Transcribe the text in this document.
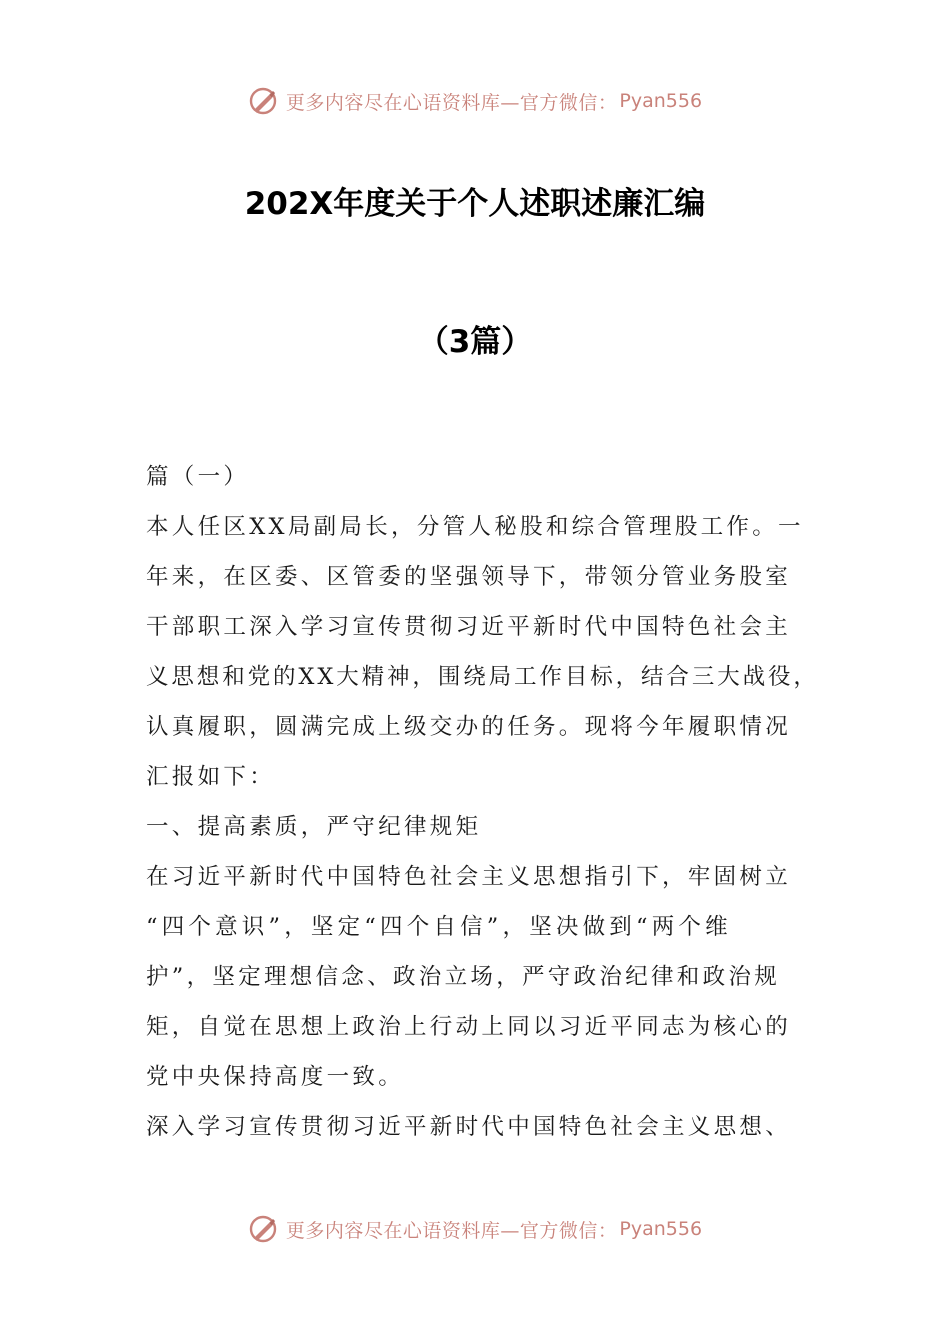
更多内容尽在心语资料库—官方微信： Pyan556
202X年度关于个人述职述廉汇编
（3篇）
篇（一）
本人任区XX局副局长，分管人秘股和综合管理股工作。一
年来，在区委、区管委的坚强领导下，带领分管业务股室
干部职工深入学习宣传贯彻习近平新时代中国特色社会主
义思想和党的XX大精神，围绕局工作目标，结合三大战役，
认真履职，圆满完成上级交办的任务。现将今年履职情况
汇报如下：
一、提高素质，严守纪律规矩
在习近平新时代中国特色社会主义思想指引下，牢固树立
“四个意识”，坚定“四个自信”，坚决做到“两个维
护”，坚定理想信念、政治立场，严守政治纪律和政治规
矩，自觉在思想上政治上行动上同以习近平同志为核心的
党中央保持高度一致。
深入学习宣传贯彻习近平新时代中国特色社会主义思想、
更多内容尽在心语资料库—官方微信： Pyan556
